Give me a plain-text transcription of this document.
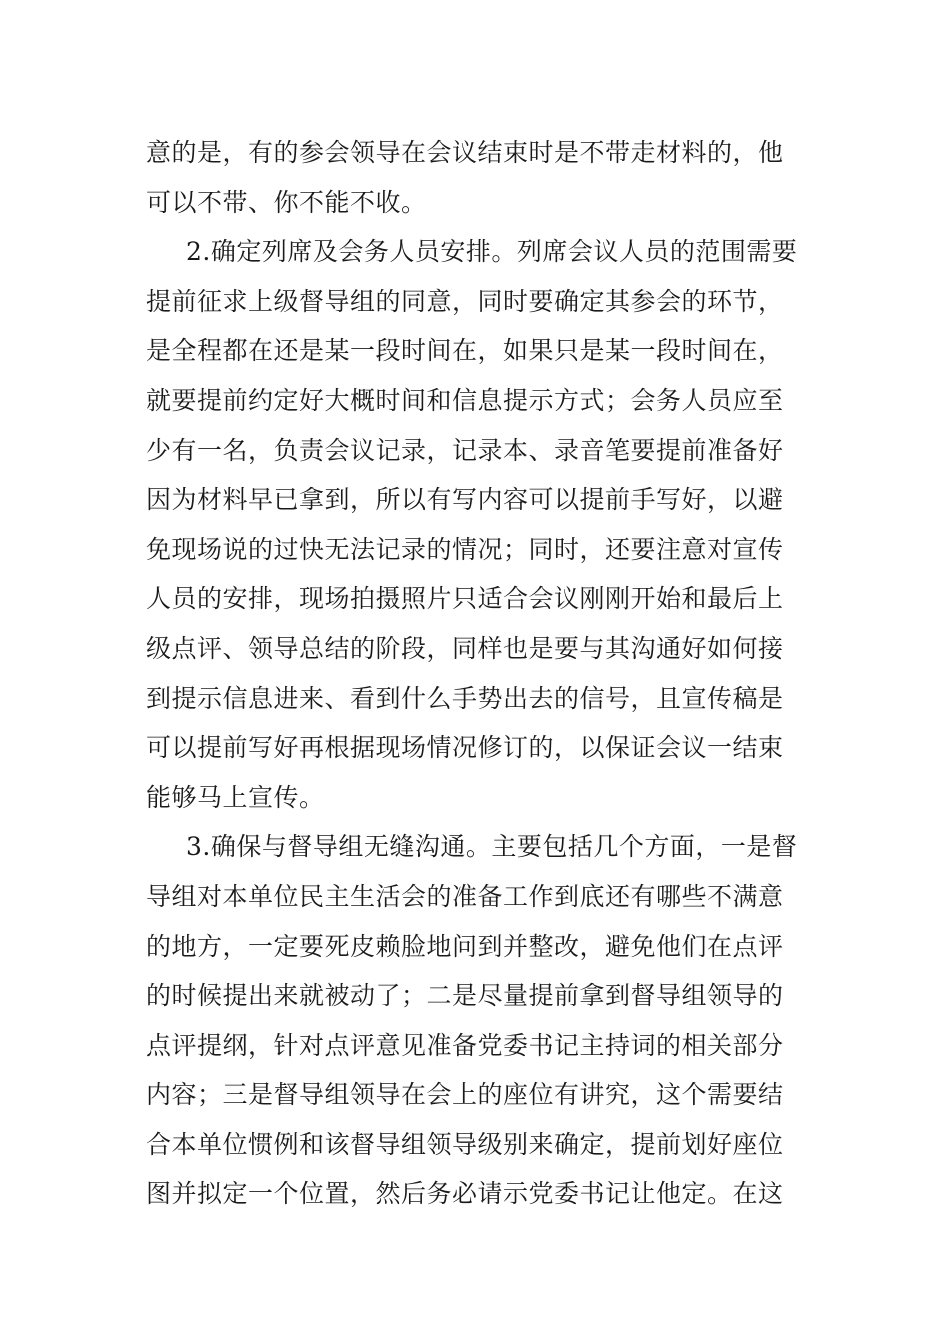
意的是，有的参会领导在会议结束时是不带走材料的，他
可以不带、你不能不收。
2.确定列席及会务人员安排。列席会议人员的范围需要
提前征求上级督导组的同意，同时要确定其参会的环节，
是全程都在还是某一段时间在，如果只是某一段时间在，
就要提前约定好大概时间和信息提示方式；会务人员应至
少有一名，负责会议记录，记录本、录音笔要提前准备好
因为材料早已拿到，所以有写内容可以提前手写好，以避
免现场说的过快无法记录的情况；同时，还要注意对宣传
人员的安排，现场拍摄照片只适合会议刚刚开始和最后上
级点评、领导总结的阶段，同样也是要与其沟通好如何接
到提示信息进来、看到什么手势出去的信号，且宣传稿是
可以提前写好再根据现场情况修订的，以保证会议一结束
能够马上宣传。
3.确保与督导组无缝沟通。主要包括几个方面，一是督
导组对本单位民主生活会的准备工作到底还有哪些不满意
的地方，一定要死皮赖脸地问到并整改，避免他们在点评
的时候提出来就被动了；二是尽量提前拿到督导组领导的
点评提纲，针对点评意见准备党委书记主持词的相关部分
内容；三是督导组领导在会上的座位有讲究，这个需要结
合本单位惯例和该督导组领导级别来确定，提前划好座位
图并拟定一个位置，然后务必请示党委书记让他定。在这
